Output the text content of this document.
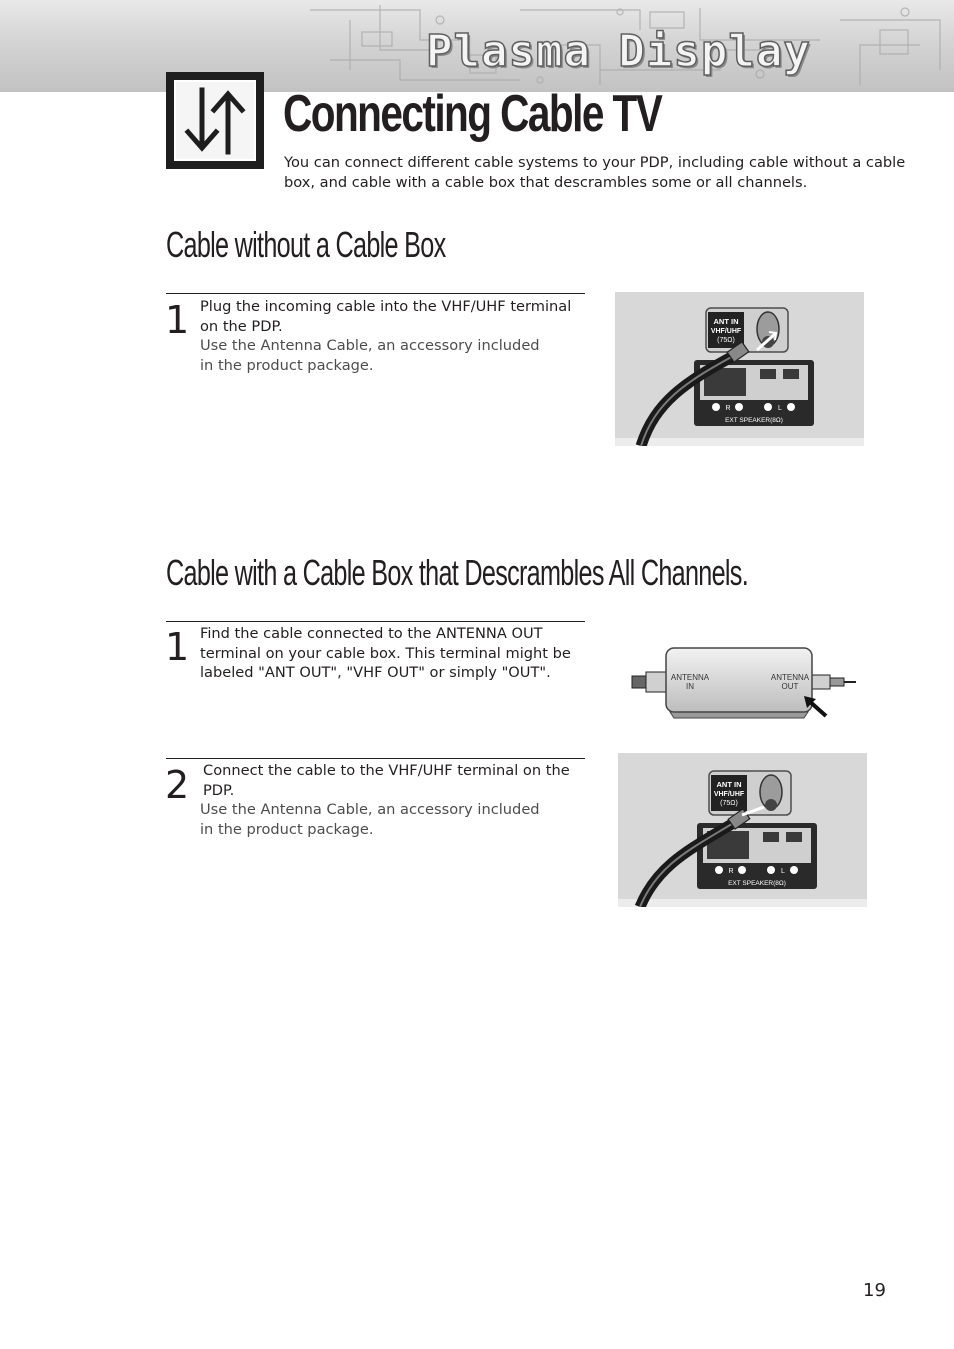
Plasma Display
Connecting Cable TV
You can connect different cable systems to your PDP, including cable without a cable box, and cable with a cable box that descrambles some or all channels.
Cable without a Cable Box
1 Plug the incoming cable into the VHF/UHF terminal on the PDP.
Use the Antenna Cable, an accessory included
in the product package.
ANT IN
VHF/UHF
(75Ω)
R	L
EXT SPEAKER(8Ω)
Cable with a Cable Box that Descrambles All Channels.
1 Find the cable connected to the ANTENNA OUT terminal on your cable box. This terminal might be labeled "ANT OUT", "VHF OUT" or simply "OUT".	ANTENNA
IN
ANTENNA
OUT
2 Connect the cable to the VHF/UHF terminal on the PDP.
Use the Antenna Cable, an accessory included
in the product package.
ANT IN
VHF/UHF
(75Ω)
R	L
EXT SPEAKER(8Ω)
19
